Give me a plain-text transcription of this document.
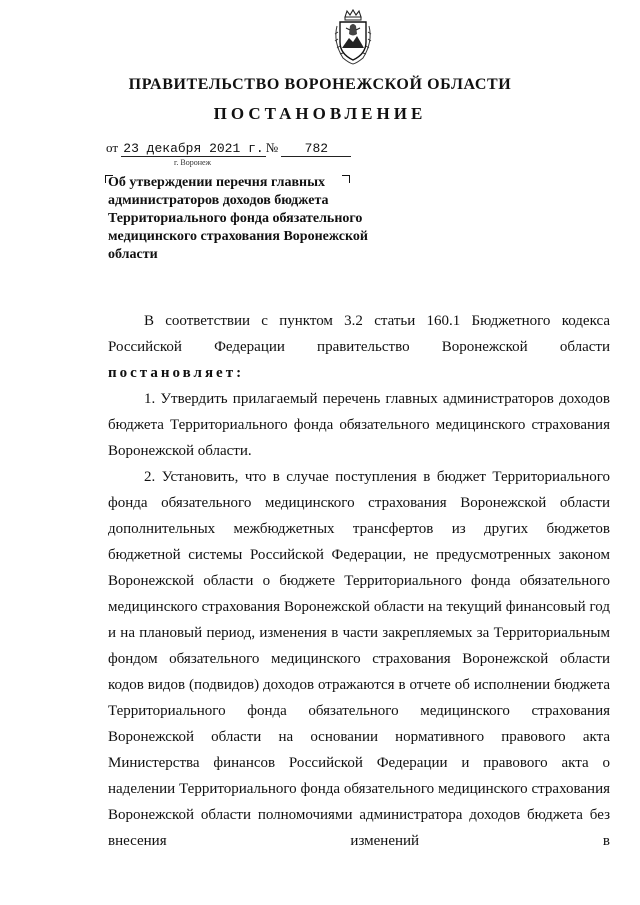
ПРАВИТЕЛЬСТВО ВОРОНЕЖСКОЙ ОБЛАСТИ
ПОСТАНОВЛЕНИЕ
от 23 декабря 2021 г. № 782
г. Воронеж
Об утверждении перечня главных администраторов доходов бюджета Территориального фонда обязательного медицинского страхования Воронежской области

В соответствии с пунктом 3.2 статьи 160.1 Бюджетного кодекса Российской Федерации правительство Воронежской области

постановляет:

1. Утвердить прилагаемый перечень главных администраторов доходов бюджета Территориального фонда обязательного медицинского страхования Воронежской области.

2. Установить, что в случае поступления в бюджет Территориального фонда обязательного медицинского страхования Воронежской области дополнительных межбюджетных трансфертов из других бюджетов бюджетной системы Российской Федерации, не предусмотренных законом Воронежской области о бюджете Территориального фонда обязательного медицинского страхования Воронежской области на текущий финансовый год и на плановый период, изменения в части закрепляемых за Территориальным фондом обязательного медицинского страхования Воронежской области кодов видов (подвидов) доходов отражаются в отчете об исполнении бюджета Территориального фонда обязательного медицинского страхования Воронежской области на основании нормативного правового акта Министерства финансов Российской Федерации и правового акта о наделении Территориального фонда обязательного медицинского страхования Воронежской области полномочиями администратора доходов бюджета без внесения изменений в
